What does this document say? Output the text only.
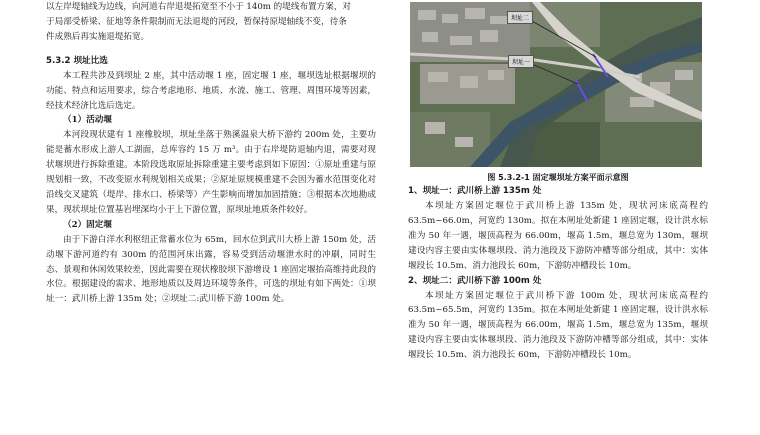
以左岸堤轴线为边线，向河道右岸退堤拓宽至不小于 140m 的堤线布置方案，对

于局部受桥梁、征地等条件限制而无法退堤的河段，暂保持原堤轴线不变，待条

件成熟后再实施退堤拓宽。

5.3.2 坝址比选

本工程共涉及到坝址 2 座，其中活动堰 1 座，固定堰 1 座，堰坝选址根据堰坝的功能、特点和运用要求，综合考虑地形、地质、水流、施工、管理、周围环境等因素，经技术经济比选后选定。

（1）活动堰

本河段现状建有 1 座橡胶坝，坝址坐落于熟溪温泉大桥下游约 200m 处，主要功能是蓄水形成上游人工湖面，总库容约 15 万 m³。由于右岸堤防退轴内退，需要对现状堰坝进行拆除重建。本阶段选取原址拆除重建主要考虑到如下原因：①原址重建与原规划相一致，不改变原水利规划相关成果；②原址原规模重建不会因为蓄水范围变化对沿线交叉建筑（堤岸、排水口、桥梁等）产生影响而增加加固措施；③根据本次地勘成果，现状坝址位置基岩埋深均小于上下游位置，原坝址地质条件较好。

（2）固定堰

由于下游白洋水利枢纽正常蓄水位为 65m，回水位到武川大桥上游 150m 处，活动堰下游河道约有 300m 的范围河床出露，容易受到活动堰泄水时的冲刷，同时生态、景观和休闲效果较差，因此需要在现状橡胶坝下游增设 1 座固定堰抬高维持此段的水位。根据建设的需求、地形地质以及周边环境等条件，可选的坝址有如下两处：①坝址一：武川桥上游 135m 处；②坝址二:武川桥下游 100m 处。

坝址二
坝址一

图 5.3.2-1 固定堰坝址方案平面示意图

1、坝址一：武川桥上游 135m 处

本坝址方案固定堰位于武川桥上游 135m 处，现状河床底高程约 63.5m~66.0m，河宽约 130m。拟在本闸址处新建 1 座固定堰，设计洪水标准为 50 年一遇，堰顶高程为 66.00m，堰高 1.5m，堰总宽为 130m，堰坝建设内容主要由实体堰坝段、消力池段及下游防冲槽等部分组成，其中：实体堰段长 10.5m、消力池段长 60m，下游防冲槽段长 10m。

2、坝址二：武川桥下游 100m 处

本坝址方案固定堰位于武川桥下游 100m 处，现状河床底高程约 63.5m~65.5m，河宽约 135m。拟在本闸址处新建 1 座固定堰，设计洪水标准为 50 年一遇，堰顶高程为 66.00m，堰高 1.5m，堰总宽为 135m，堰坝建设内容主要由实体堰坝段、消力池段及下游防冲槽等部分组成，其中：实体堰段长 10.5m、消力池段长 60m，下游防冲槽段长 10m。
